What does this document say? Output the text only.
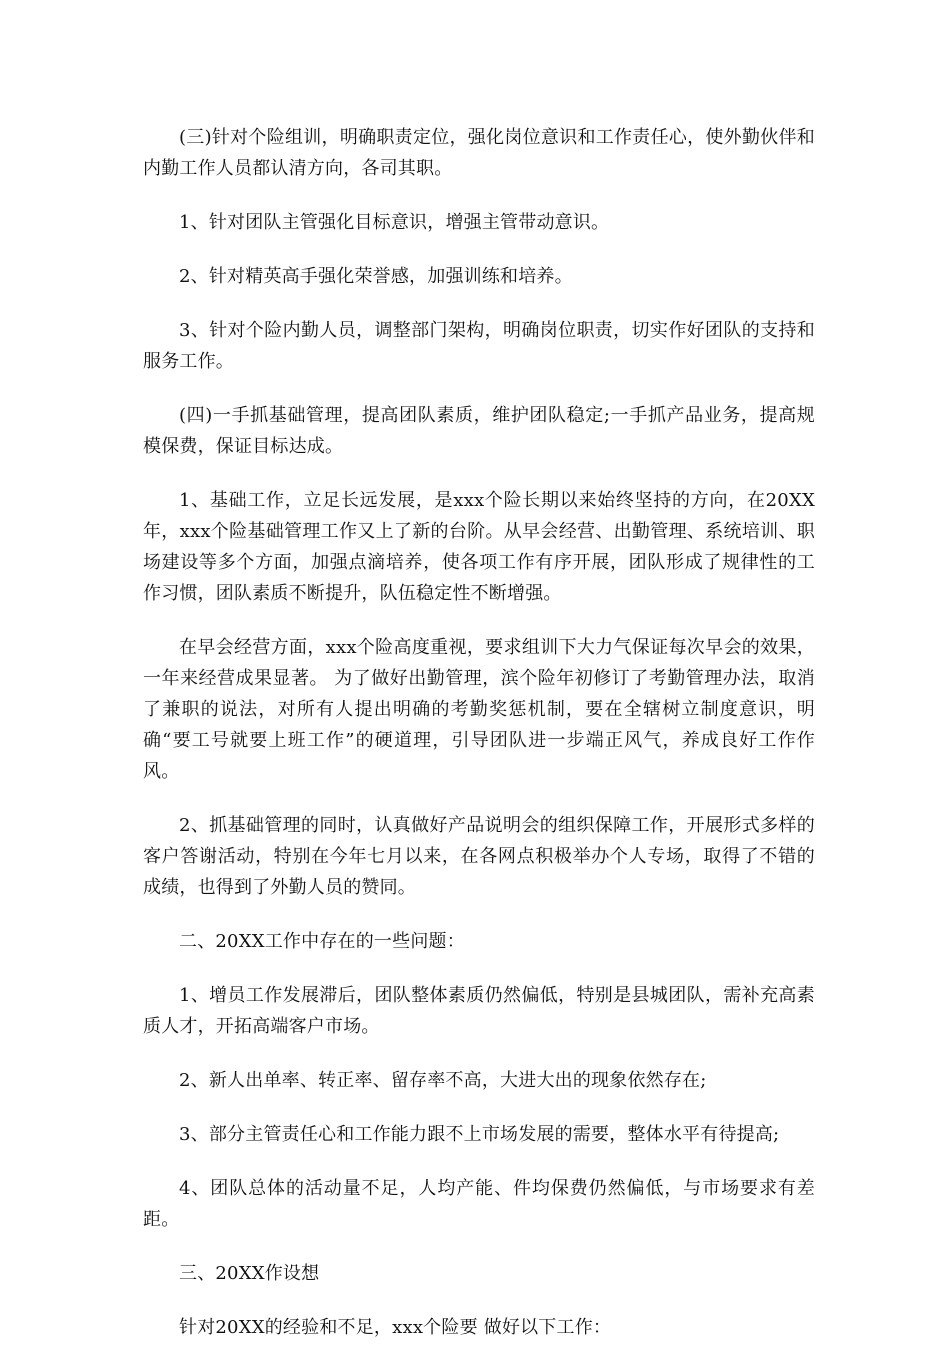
(三)针对个险组训，明确职责定位，强化岗位意识和工作责任心，使外勤伙伴和内勤工作人员都认清方向，各司其职。

1、针对团队主管强化目标意识，增强主管带动意识。

2、针对精英高手强化荣誉感，加强训练和培养。

3、针对个险内勤人员，调整部门架构，明确岗位职责，切实作好团队的支持和服务工作。

(四)一手抓基础管理，提高团队素质，维护团队稳定;一手抓产品业务，提高规模保费，保证目标达成。

1、基础工作，立足长远发展，是xxx个险长期以来始终坚持的方向，在20XX年，xxx个险基础管理工作又上了新的台阶。从早会经营、出勤管理、系统培训、职场建设等多个方面，加强点滴培养，使各项工作有序开展，团队形成了规律性的工作习惯，团队素质不断提升，队伍稳定性不断增强。

在早会经营方面，xxx个险高度重视，要求组训下大力气保证每次早会的效果，一年来经营成果显著。 为了做好出勤管理，滨个险年初修订了考勤管理办法，取消了兼职的说法，对所有人提出明确的考勤奖惩机制，要在全辖树立制度意识，明确“要工号就要上班工作”的硬道理，引导团队进一步端正风气，养成良好工作作风。

2、抓基础管理的同时，认真做好产品说明会的组织保障工作，开展形式多样的客户答谢活动，特别在今年七月以来，在各网点积极举办个人专场，取得了不错的成绩，也得到了外勤人员的赞同。

二、20XX工作中存在的一些问题：

1、增员工作发展滞后，团队整体素质仍然偏低，特别是县城团队，需补充高素质人才，开拓高端客户市场。

2、新人出单率、转正率、留存率不高，大进大出的现象依然存在;

3、部分主管责任心和工作能力跟不上市场发展的需要，整体水平有待提高;

4、团队总体的活动量不足，人均产能、件均保费仍然偏低，与市场要求有差距。

三、20XX作设想

针对20XX的经验和不足，xxx个险要 做好以下工作：
